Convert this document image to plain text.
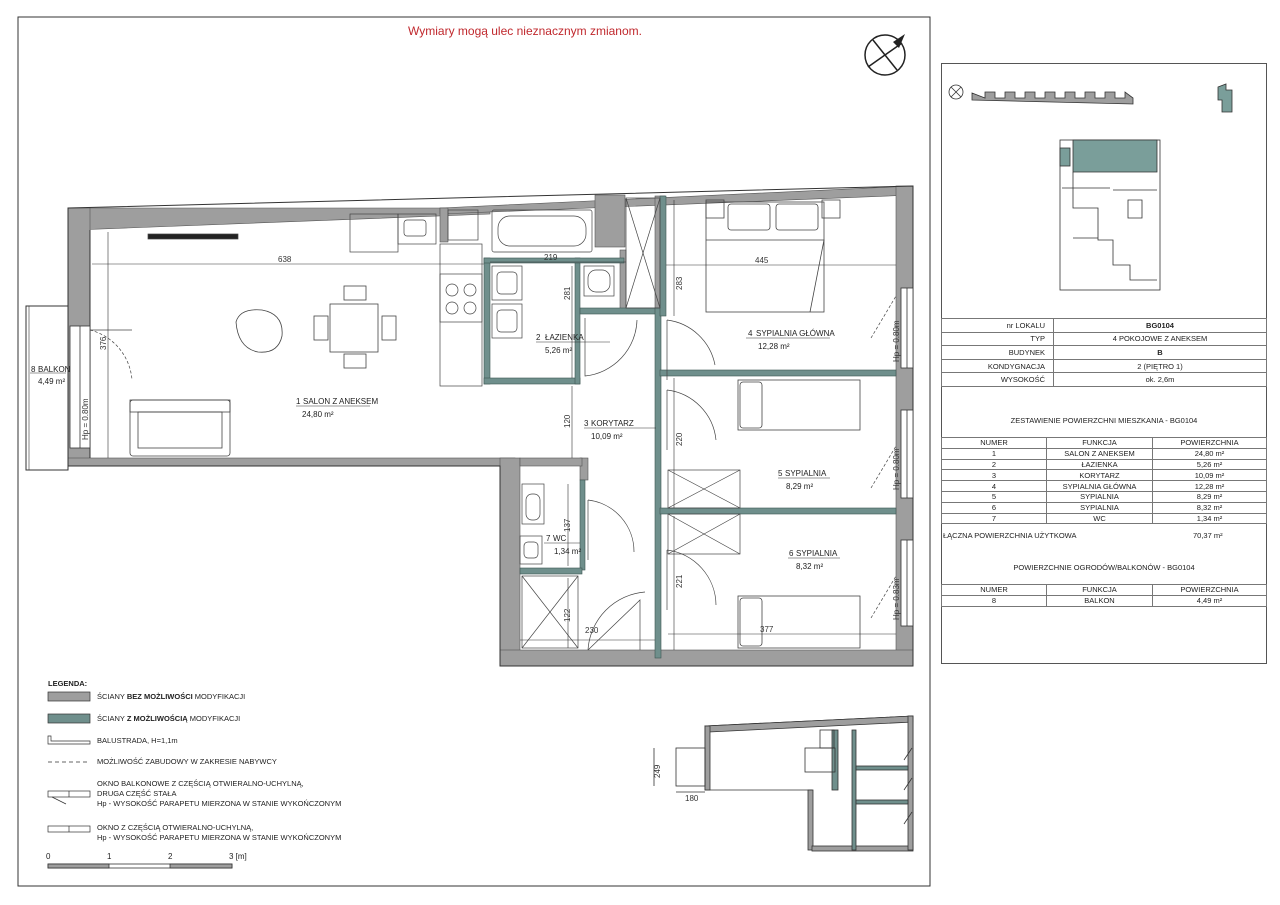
Hp = 0.80m
Hp = 0.80m
Hp = 0.80m
Hp = 0.83m
638	219	445
376
281
283
120
220
221
137
122
230	377
1 SALON Z ANEKSEM
24,80 m²
2 ŁAZIENKA
5,26 m²
3 KORYTARZ
10,09 m²
4 SYPIALNIA GŁÓWNA
12,28 m²
5 SYPIALNIA
8,29 m²
6 SYPIALNIA
8,32 m²
7 WC
1,34 m²
8 BALKON
4,49 m²
249
180
Wymiary mogą ulec nieznacznym zmianom.
nr LOKALU	BG0104
TYP	4 POKOJOWE Z ANEKSEM
BUDYNEK	B
KONDYGNACJA	2 (PIĘTRO 1)
WYSOKOŚĆ	ok. 2,6m
ZESTAWIENIE POWIERZCHNI MIESZKANIA - BG0104
NUMER	FUNKCJA	POWIERZCHNIA
1	SALON Z ANEKSEM	24,80 m²
2	ŁAZIENKA	5,26 m²
3	KORYTARZ	10,09 m²
4	SYPIALNIA GŁÓWNA	12,28 m²
5	SYPIALNIA	8,29 m²
6	SYPIALNIA	8,32 m²
7	WC	1,34 m²
ŁĄCZNA POWIERZCHNIA UŻYTKOWA	70,37 m²
POWIERZCHNIE OGRODÓW/BALKONÓW - BG0104
NUMER	FUNKCJA	POWIERZCHNIA
8	BALKON	4,49 m²
LEGENDA:
ŚCIANY BEZ MOŻLIWOŚCI MODYFIKACJI
ŚCIANY Z MOŻLIWOŚCIĄ MODYFIKACJI
BALUSTRADA, H=1,1m
MOŻLIWOŚĆ ZABUDOWY W ZAKRESIE NABYWCY
OKNO BALKONOWE Z CZĘŚCIĄ OTWIERALNO-UCHYLNĄ,
DRUGA CZĘŚĆ STAŁA
Hp - WYSOKOŚĆ PARAPETU MIERZONA W STANIE WYKOŃCZONYM
OKNO Z CZĘŚCIĄ OTWIERALNO-UCHYLNĄ,
Hp - WYSOKOŚĆ PARAPETU MIERZONA W STANIE WYKOŃCZONYM
0	1	2	3 [m]
